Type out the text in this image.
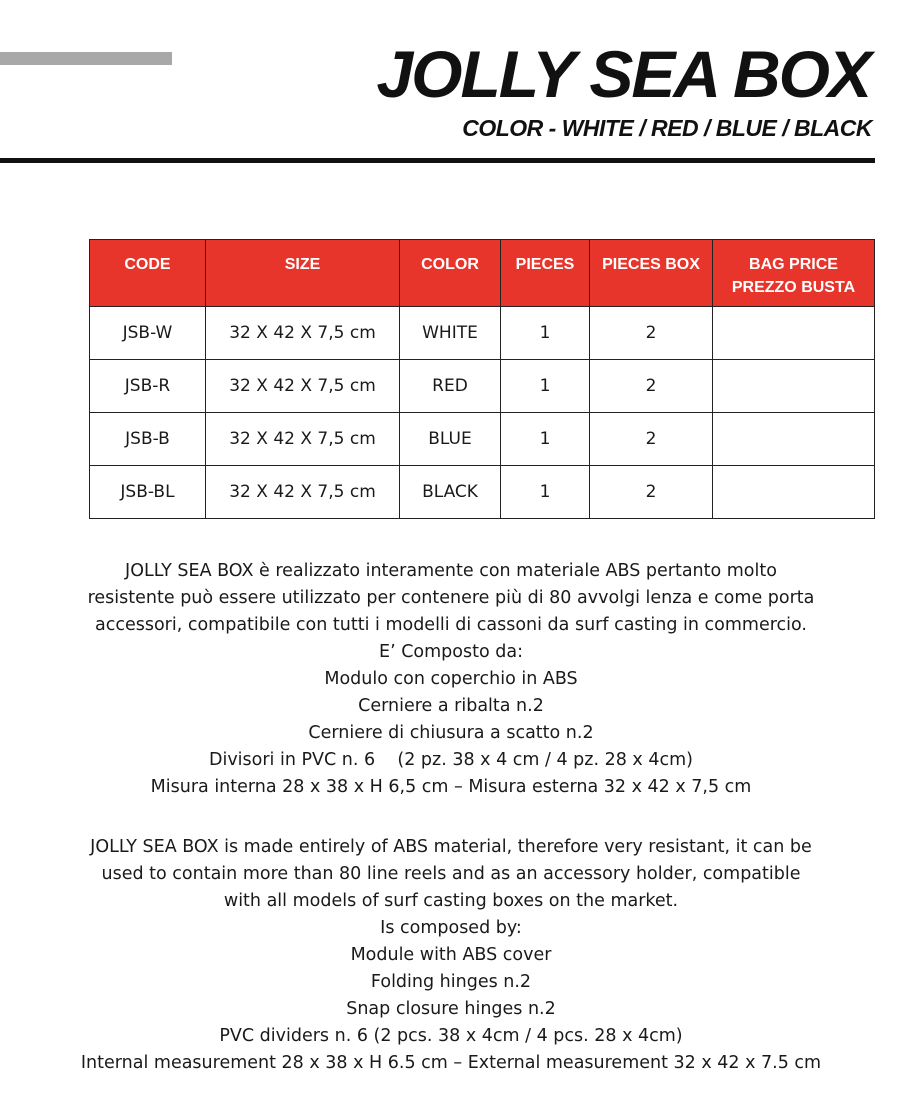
JOLLY SEA BOX
COLOR - WHITE / RED / BLUE / BLACK
CODE	SIZE	COLOR	PIECES	PIECES BOX	BAG PRICE
PREZZO BUSTA

JSB-W	32 X 42 X 7,5 cm	WHITE	1	2	
JSB-R	32 X 42 X 7,5 cm	RED	1	2	
JSB-B	32 X 42 X 7,5 cm	BLUE	1	2	
JSB-BL	32 X 42 X 7,5 cm	BLACK	1	2	

JOLLY SEA BOX è realizzato interamente con materiale ABS pertanto molto

resistente può essere utilizzato per contenere più di 80 avvolgi lenza e come porta

accessori, compatibile con tutti i modelli di cassoni da surf casting in commercio.

E’ Composto da:

Modulo con coperchio in ABS

Cerniere a ribalta n.2

Cerniere di chiusura a scatto n.2

Divisori in PVC n. 6    (2 pz. 38 x 4 cm / 4 pz. 28 x 4cm)

Misura interna 28 x 38 x H 6,5 cm – Misura esterna 32 x 42 x 7,5 cm

JOLLY SEA BOX is made entirely of ABS material, therefore very resistant, it can be

used to contain more than 80 line reels and as an accessory holder, compatible

with all models of surf casting boxes on the market.

Is composed by:

Module with ABS cover

Folding hinges n.2

Snap closure hinges n.2

PVC dividers n. 6 (2 pcs. 38 x 4cm / 4 pcs. 28 x 4cm)

Internal measurement 28 x 38 x H 6.5 cm – External measurement 32 x 42 x 7.5 cm
